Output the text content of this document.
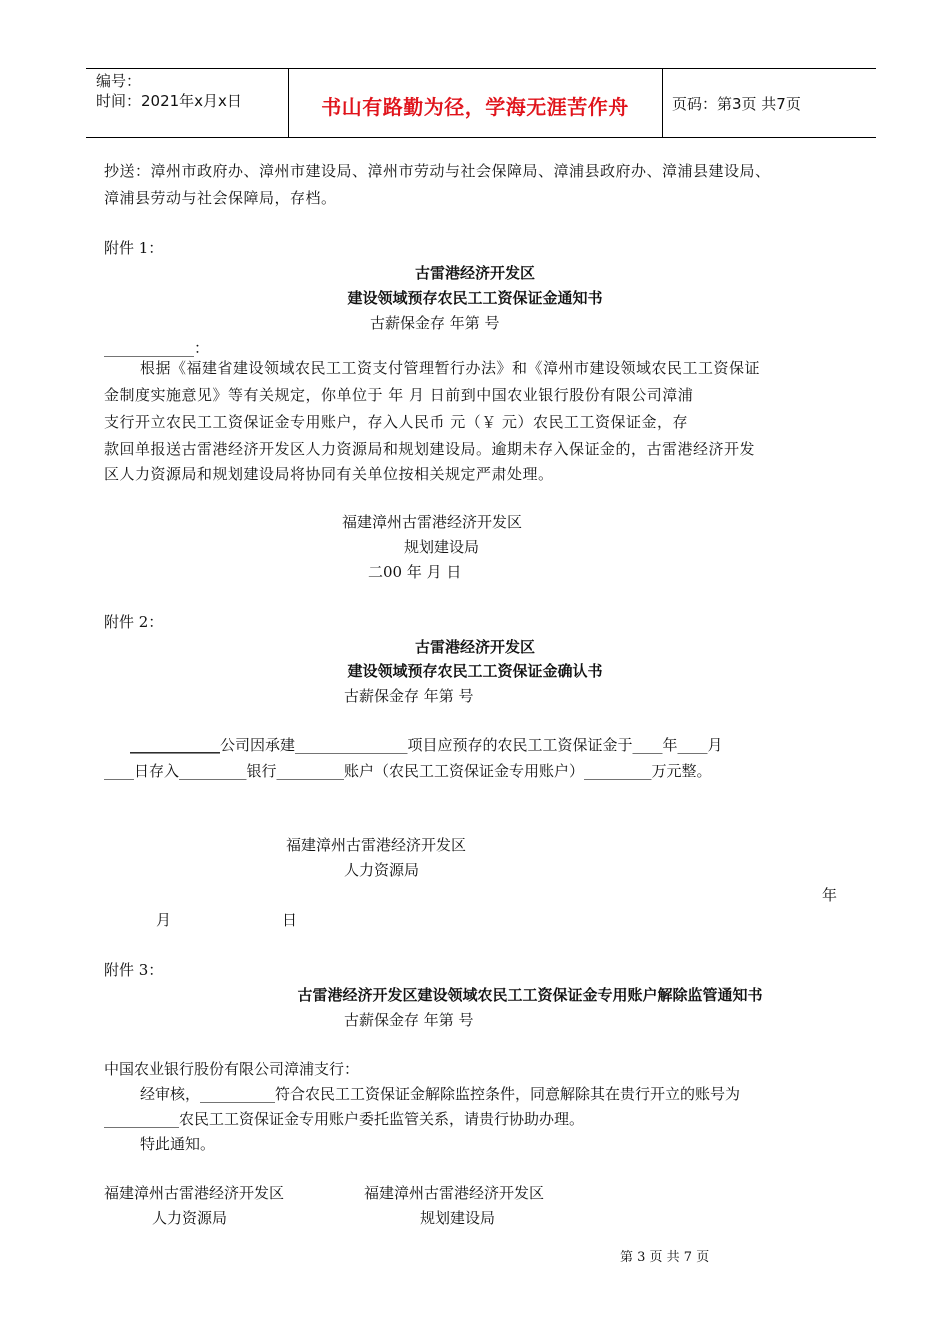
编号：
时间：2021年x月x日	书山有路勤为径，学海无涯苦作舟	页码：第3页 共7页
抄送：漳州市政府办、漳州市建设局、漳州市劳动与社会保障局、漳浦县政府办、漳浦县建设局、
漳浦县劳动与社会保障局，存档。
附件 1：
古雷港经济开发区
建设领域预存农民工工资保证金通知书
古薪保金存 年第 号
____________：
根据《福建省建设领域农民工工资支付管理暂行办法》和《漳州市建设领域农民工工资保证
金制度实施意见》等有关规定，你单位于 年 月 日前到中国农业银行股份有限公司漳浦
支行开立农民工工资保证金专用账户，存入人民币 元（￥ 元）农民工工资保证金，存
款回单报送古雷港经济开发区人力资源局和规划建设局。逾期未存入保证金的，古雷港经济开发
区人力资源局和规划建设局将协同有关单位按相关规定严肃处理。
福建漳州古雷港经济开发区
规划建设局
二00 年 月 日
附件 2：
古雷港经济开发区
建设领域预存农民工工资保证金确认书
古薪保金存 年第 号
____________公司因承建_______________项目应预存的农民工工资保证金于____年____月
____日存入_________银行_________账户（农民工工资保证金专用账户）_________万元整。
福建漳州古雷港经济开发区
人力资源局
年
月	日
附件 3：
古雷港经济开发区建设领域农民工工资保证金专用账户解除监管通知书
古薪保金存 年第 号
中国农业银行股份有限公司漳浦支行：
经审核，__________符合农民工工资保证金解除监控条件，同意解除其在贵行开立的账号为
__________农民工工资保证金专用账户委托监管关系，请贵行协助办理。
特此通知。
福建漳州古雷港经济开发区	福建漳州古雷港经济开发区
人力资源局	规划建设局
第 3 页 共 7 页
